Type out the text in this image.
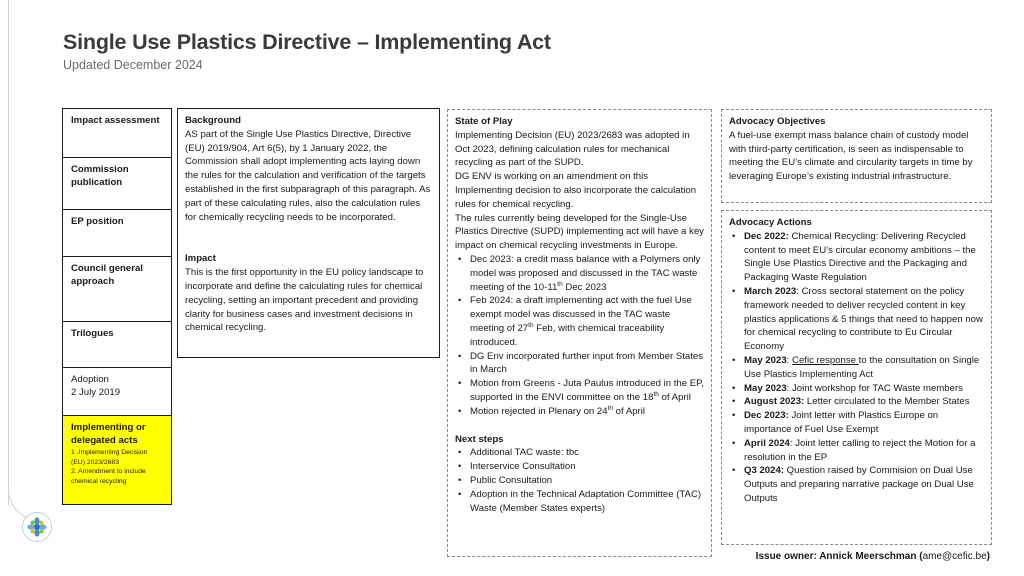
Single Use Plastics Directive – Implementing Act
Updated December 2024
Impact assessment
Commission publication
EP position
Council general approach
Trilogues
Adoption
2 July 2019
Implementing or delegated acts
1 .Implementing Decision (EU) 2023/2683
2. Amendment to include chemical recycling
Background

AS part of the Single Use Plastics Directive, Directive (EU) 2019/904, Art 6(5), by 1 January 2022, the Commission shall adopt implementing acts laying down the rules for the calculation and verification of the targets established in the first subparagraph of this paragraph. As part of these calculating rules, also the calculation rules for chemically recycling needs to be incorporated.

Impact

This is the first opportunity in the EU policy landscape to incorporate and define the calculating rules for chemical recycling, setting an important precedent and providing clarity for business cases and investment decisions in chemical recycling.

State of Play

Implementing Decision (EU) 2023/2683 was adopted in Oct 2023, defining calculation rules for mechanical recycling as part of the SUPD.

DG ENV is working on an amendment on this Implementing decision to also incorporate the calculation rules for chemical recycling.

The rules currently being developed for the Single-Use Plastics Directive (SUPD) implementing act will have a key impact on chemical recycling investments in Europe.

• Dec 2023: a credit mass balance with a Polymers only model was proposed and discussed in the TAC waste meeting of the 10-11th Dec 2023
• Feb 2024: a draft implementing act with the fuel Use exempt model was discussed in the TAC waste meeting of 27th Feb, with chemical traceability introduced.
• DG Env incorporated further input from Member States in March
• Motion from Greens - Juta Paulus introduced in the EP, supported in the ENVI committee on the 18th of April
• Motion rejected in Plenary on 24th of April
Next steps
• Additional TAC waste: tbc
• Interservice Consultation
• Public Consultation
• Adoption in the Technical Adaptation Committee (TAC) Waste (Member States experts)
Advocacy Objectives

A fuel-use exempt mass balance chain of custody model with third-party certification, is seen as indispensable to meeting the EU’s climate and circularity targets in time by leveraging Europe’s existing industrial infrastructure.

Advocacy Actions
• Dec 2022: Chemical Recycling: Delivering Recycled content to meet EU’s circular economy ambitions – the Single Use Plastics Directive and the Packaging and Packaging Waste Regulation
• March 2023: Cross sectoral statement on the policy framework needed to deliver recycled content in key plastics applications & 5 things that need to happen now for chemical recycling to contribute to Eu Circular Economy
• May 2023: Cefic response to the consultation on Single Use Plastics Implementing Act
• May 2023: Joint workshop for TAC Waste members
• August 2023: Letter circulated to the Member States
• Dec 2023: Joint letter with Plastics Europe on importance of Fuel Use Exempt
• April 2024: Joint letter calling to reject the Motion for a resolution in the EP
• Q3 2024: Question raised by Commision on Dual Use Outputs and preparing narrative package on Dual Use Outputs
Issue owner: Annick Meerschman (ame@cefic.be)
